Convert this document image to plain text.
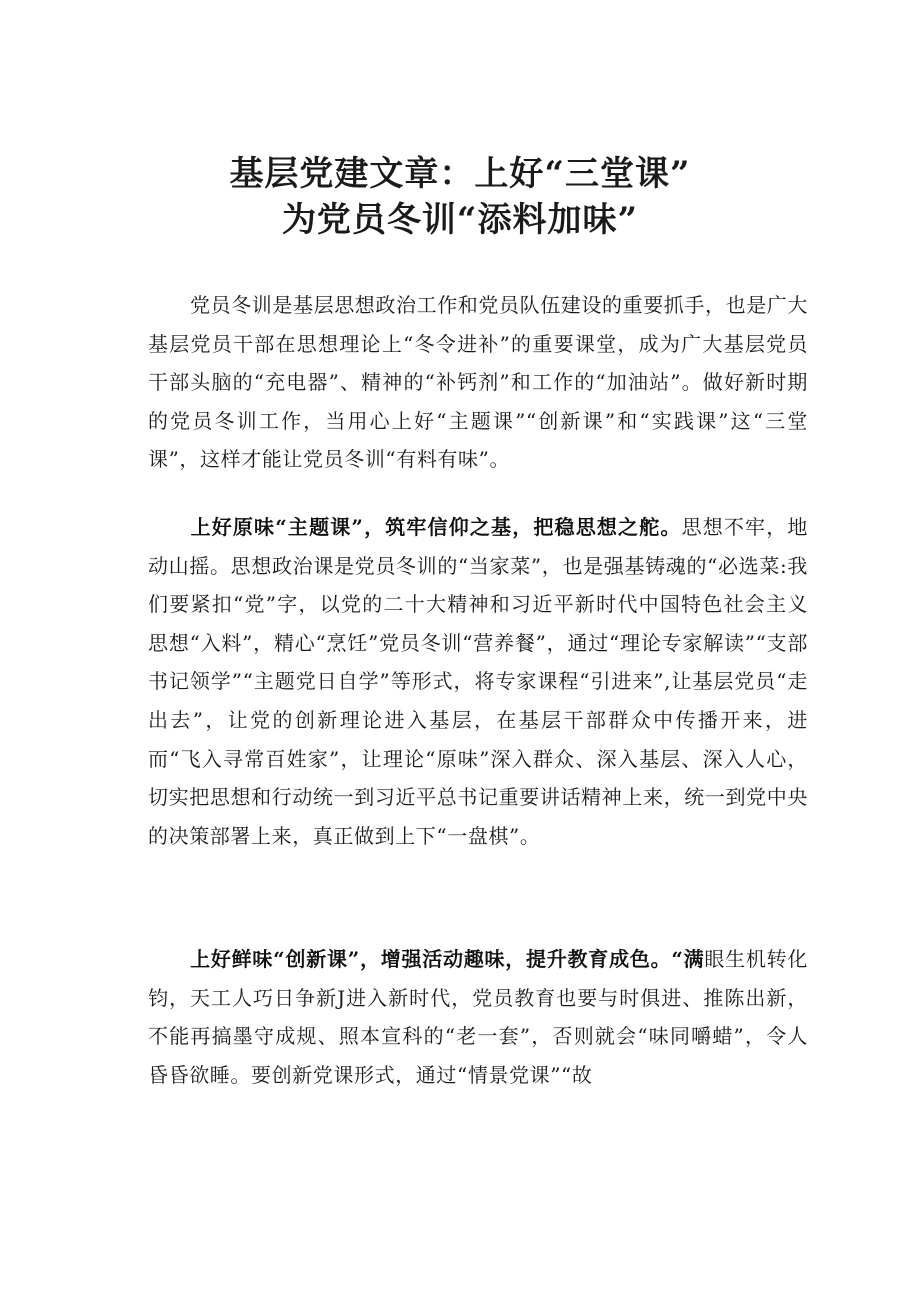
基层党建文章：上好“三堂课”
为党员冬训“添料加味”

党员冬训是基层思想政治工作和党员队伍建设的重要抓手，也是广大基层党员干部在思想理论上“冬令进补”的重要课堂，成为广大基层党员干部头脑的“充电器”、精神的“补钙剂”和工作的“加油站”。做好新时期的党员冬训工作，当用心上好“主题课”“创新课”和“实践课”这“三堂课”，这样才能让党员冬训“有料有味”。

上好原味“主题课”，筑牢信仰之基，把稳思想之舵。思想不牢，地动山摇。思想政治课是党员冬训的“当家菜”，也是强基铸魂的“必选菜:我们要紧扣“党”字，以党的二十大精神和习近平新时代中国特色社会主义思想“入料”，精心“烹饪”党员冬训“营养餐”，通过“理论专家解读”“支部书记领学”“主题党日自学”等形式，将专家课程“引进来”,让基层党员“走出去”，让党的创新理论进入基层，在基层干部群众中传播开来，进而“飞入寻常百姓家”，让理论“原味”深入群众、深入基层、深入人心，切实把思想和行动统一到习近平总书记重要讲话精神上来，统一到党中央的决策部署上来，真正做到上下“一盘棋”。

上好鲜味“创新课”，增强活动趣味，提升教育成色。“满眼生机转化钧，天工人巧日争新J进入新时代，党员教育也要与时俱进、推陈出新，不能再搞墨守成规、照本宣科的“老一套”，否则就会“味同嚼蜡”，令人昏昏欲睡。要创新党课形式，通过“情景党课”“故
